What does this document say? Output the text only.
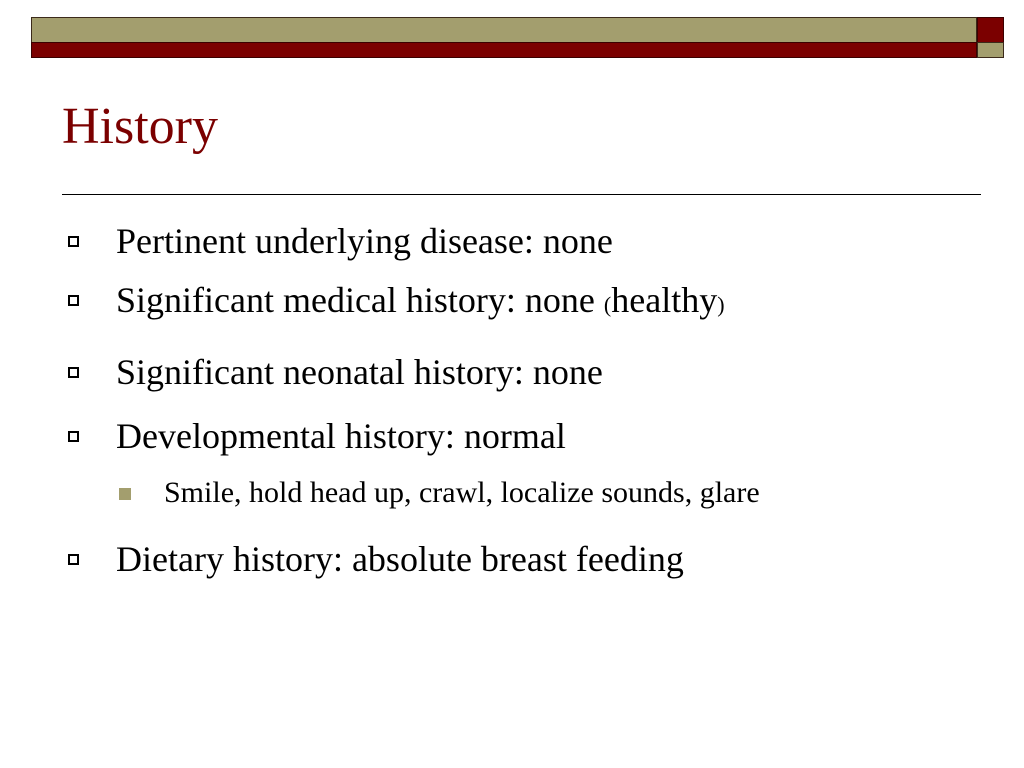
History
Pertinent underlying disease: none
Significant medical history: none (healthy)
Significant neonatal history: none
Developmental history: normal
Smile, hold head up, crawl, localize sounds, glare
Dietary history: absolute breast feeding
